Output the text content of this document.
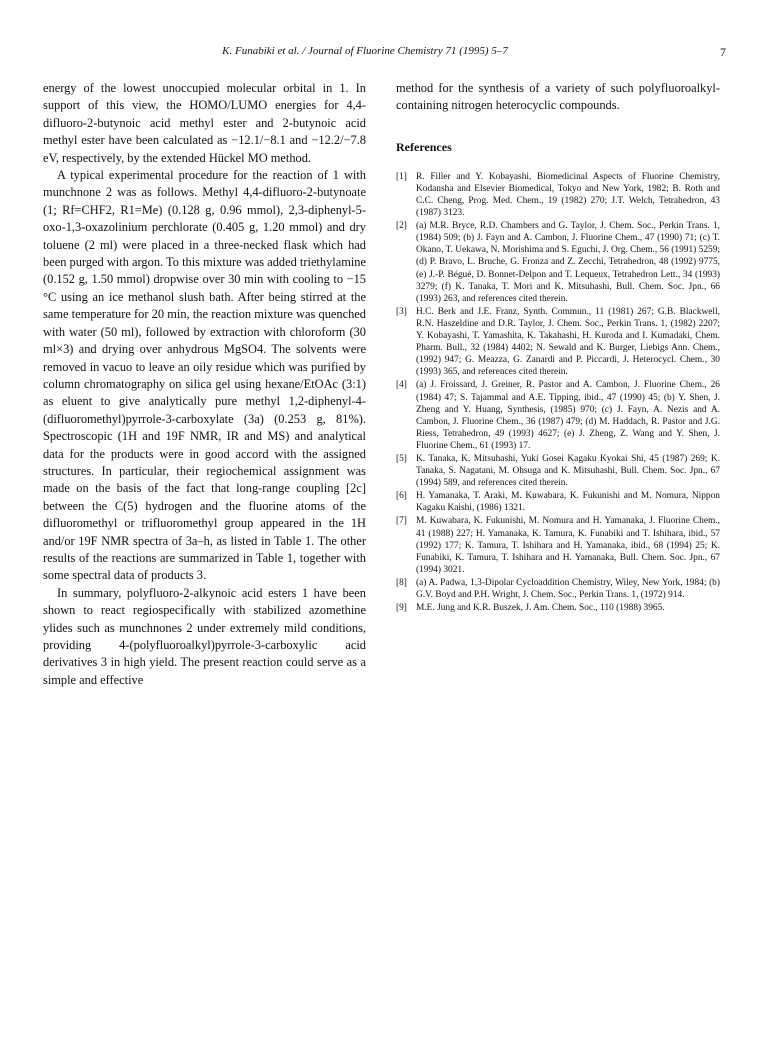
K. Funabiki et al. / Journal of Fluorine Chemistry 71 (1995) 5–7	7

energy of the lowest unoccupied molecular orbital in 1. In support of this view, the HOMO/LUMO energies for 4,4-difluoro-2-butynoic acid methyl ester and 2-butynoic acid methyl ester have been calculated as −12.1/−8.1 and −12.2/−7.8 eV, respectively, by the extended Hückel MO method.

A typical experimental procedure for the reaction of 1 with munchnone 2 was as follows. Methyl 4,4-difluoro-2-butynoate (1; Rf=CHF2, R1=Me) (0.128 g, 0.96 mmol), 2,3-diphenyl-5-oxo-1,3-oxazolinium perchlorate (0.405 g, 1.20 mmol) and dry toluene (2 ml) were placed in a three-necked flask which had been purged with argon. To this mixture was added triethylamine (0.152 g, 1.50 mmol) dropwise over 30 min with cooling to −15 °C using an ice methanol slush bath. After being stirred at the same temperature for 20 min, the reaction mixture was quenched with water (50 ml), followed by extraction with chloroform (30 ml×3) and drying over anhydrous MgSO4. The solvents were removed in vacuo to leave an oily residue which was purified by column chromatography on silica gel using hexane/EtOAc (3:1) as eluent to give analytically pure methyl 1,2-diphenyl-4-(difluoromethyl)pyrrole-3-carboxylate (3a) (0.253 g, 81%). Spectroscopic (1H and 19F NMR, IR and MS) and analytical data for the products were in good accord with the assigned structures. In particular, their regiochemical assignment was made on the basis of the fact that long-range coupling [2c] between the C(5) hydrogen and the fluorine atoms of the difluoromethyl or trifluoromethyl group appeared in the 1H and/or 19F NMR spectra of 3a–h, as listed in Table 1. The other results of the reactions are summarized in Table 1, together with some spectral data of products 3.

In summary, polyfluoro-2-alkynoic acid esters 1 have been shown to react regiospecifically with stabilized azomethine ylides such as munchnones 2 under extremely mild conditions, providing 4-(polyfluoroalkyl)pyrrole-3-carboxylic acid derivatives 3 in high yield. The present reaction could serve as a simple and effective

method for the synthesis of a variety of such polyfluoroalkyl-containing nitrogen heterocyclic compounds.

References
[1] R. Filler and Y. Kobayashi, Biomedicinal Aspects of Fluorine Chemistry, Kodansha and Elsevier Biomedical, Tokyo and New York, 1982; B. Roth and C.C. Cheng, Prog. Med. Chem., 19 (1982) 270; J.T. Welch, Tetrahedron, 43 (1987) 3123.
[2] (a) M.R. Bryce, R.D. Chambers and G. Taylor, J. Chem. Soc., Perkin Trans. 1, (1984) 509; (b) J. Fayn and A. Cambon, J. Fluorine Chem., 47 (1990) 71; (c) T. Okano, T. Uekawa, N. Morishima and S. Eguchi, J. Org. Chem., 56 (1991) 5259; (d) P. Bravo, L. Bruche, G. Fronza and Z. Zecchi, Tetrahedron, 48 (1992) 9775, (e) J.-P. Bégué, D. Bonnet-Delpon and T. Lequeux, Tetrahedron Lett., 34 (1993) 3279; (f) K. Tanaka, T. Mori and K. Mitsuhashi, Bull. Chem. Soc. Jpn., 66 (1993) 263, and references cited therein.
[3] H.C. Berk and J.E. Franz, Synth. Commun., 11 (1981) 267; G.B. Blackwell, R.N. Haszeldine and D.R. Taylor, J. Chem. Soc., Perkin Trans. 1, (1982) 2207; Y. Kobayashi, T. Yamashita, K. Takahashi, H. Kuroda and I. Kumadaki, Chem. Pharm. Bull., 32 (1984) 4402; N. Sewald and K. Burger, Liebigs Ann. Chem., (1992) 947; G. Meazza, G. Zanardi and P. Piccardi, J. Heterocycl. Chem., 30 (1993) 365, and references cited therein.
[4] (a) J. Froissard, J. Greiner, R. Pastor and A. Cambon, J. Fluorine Chem., 26 (1984) 47; S. Tajammal and A.E. Tipping, ibid., 47 (1990) 45; (b) Y. Shen, J. Zheng and Y. Huang, Synthesis, (1985) 970; (c) J. Fayn, A. Nezis and A. Cambon, J. Fluorine Chem., 36 (1987) 479; (d) M. Haddach, R. Pastor and J.G. Riess, Tetrahedron, 49 (1993) 4627; (e) J. Zheng, Z. Wang and Y. Shen, J. Fluorine Chem., 61 (1993) 17.
[5] K. Tanaka, K. Mitsuhashi, Yuki Gosei Kagaku Kyokai Shi, 45 (1987) 269; K. Tanaka, S. Nagatani, M. Ohsuga and K. Mitsuhashi, Bull. Chem. Soc. Jpn., 67 (1994) 589, and references cited therein.
[6] H. Yamanaka, T. Araki, M. Kuwabara, K. Fukunishi and M. Nomura, Nippon Kagaku Kaishi, (1986) 1321.
[7] M. Kuwabara, K. Fukunishi, M. Nomura and H. Yamanaka, J. Fluorine Chem., 41 (1988) 227; H. Yamanaka, K. Tamura, K. Funabiki and T. Ishihara, ibid., 57 (1992) 177; K. Tamura, T. Ishihara and H. Yamanaka, ibid., 68 (1994) 25; K. Funabiki, K. Tamura, T. Ishihara and H. Yamanaka, Bull. Chem. Soc. Jpn., 67 (1994) 3021.
[8] (a) A. Padwa, 1,3-Dipolar Cycloaddition Chemistry, Wiley, New York, 1984; (b) G.V. Boyd and P.H. Wright, J. Chem. Soc., Perkin Trans. 1, (1972) 914.
[9] M.E. Jung and K.R. Buszek, J. Am. Chem. Soc., 110 (1988) 3965.
